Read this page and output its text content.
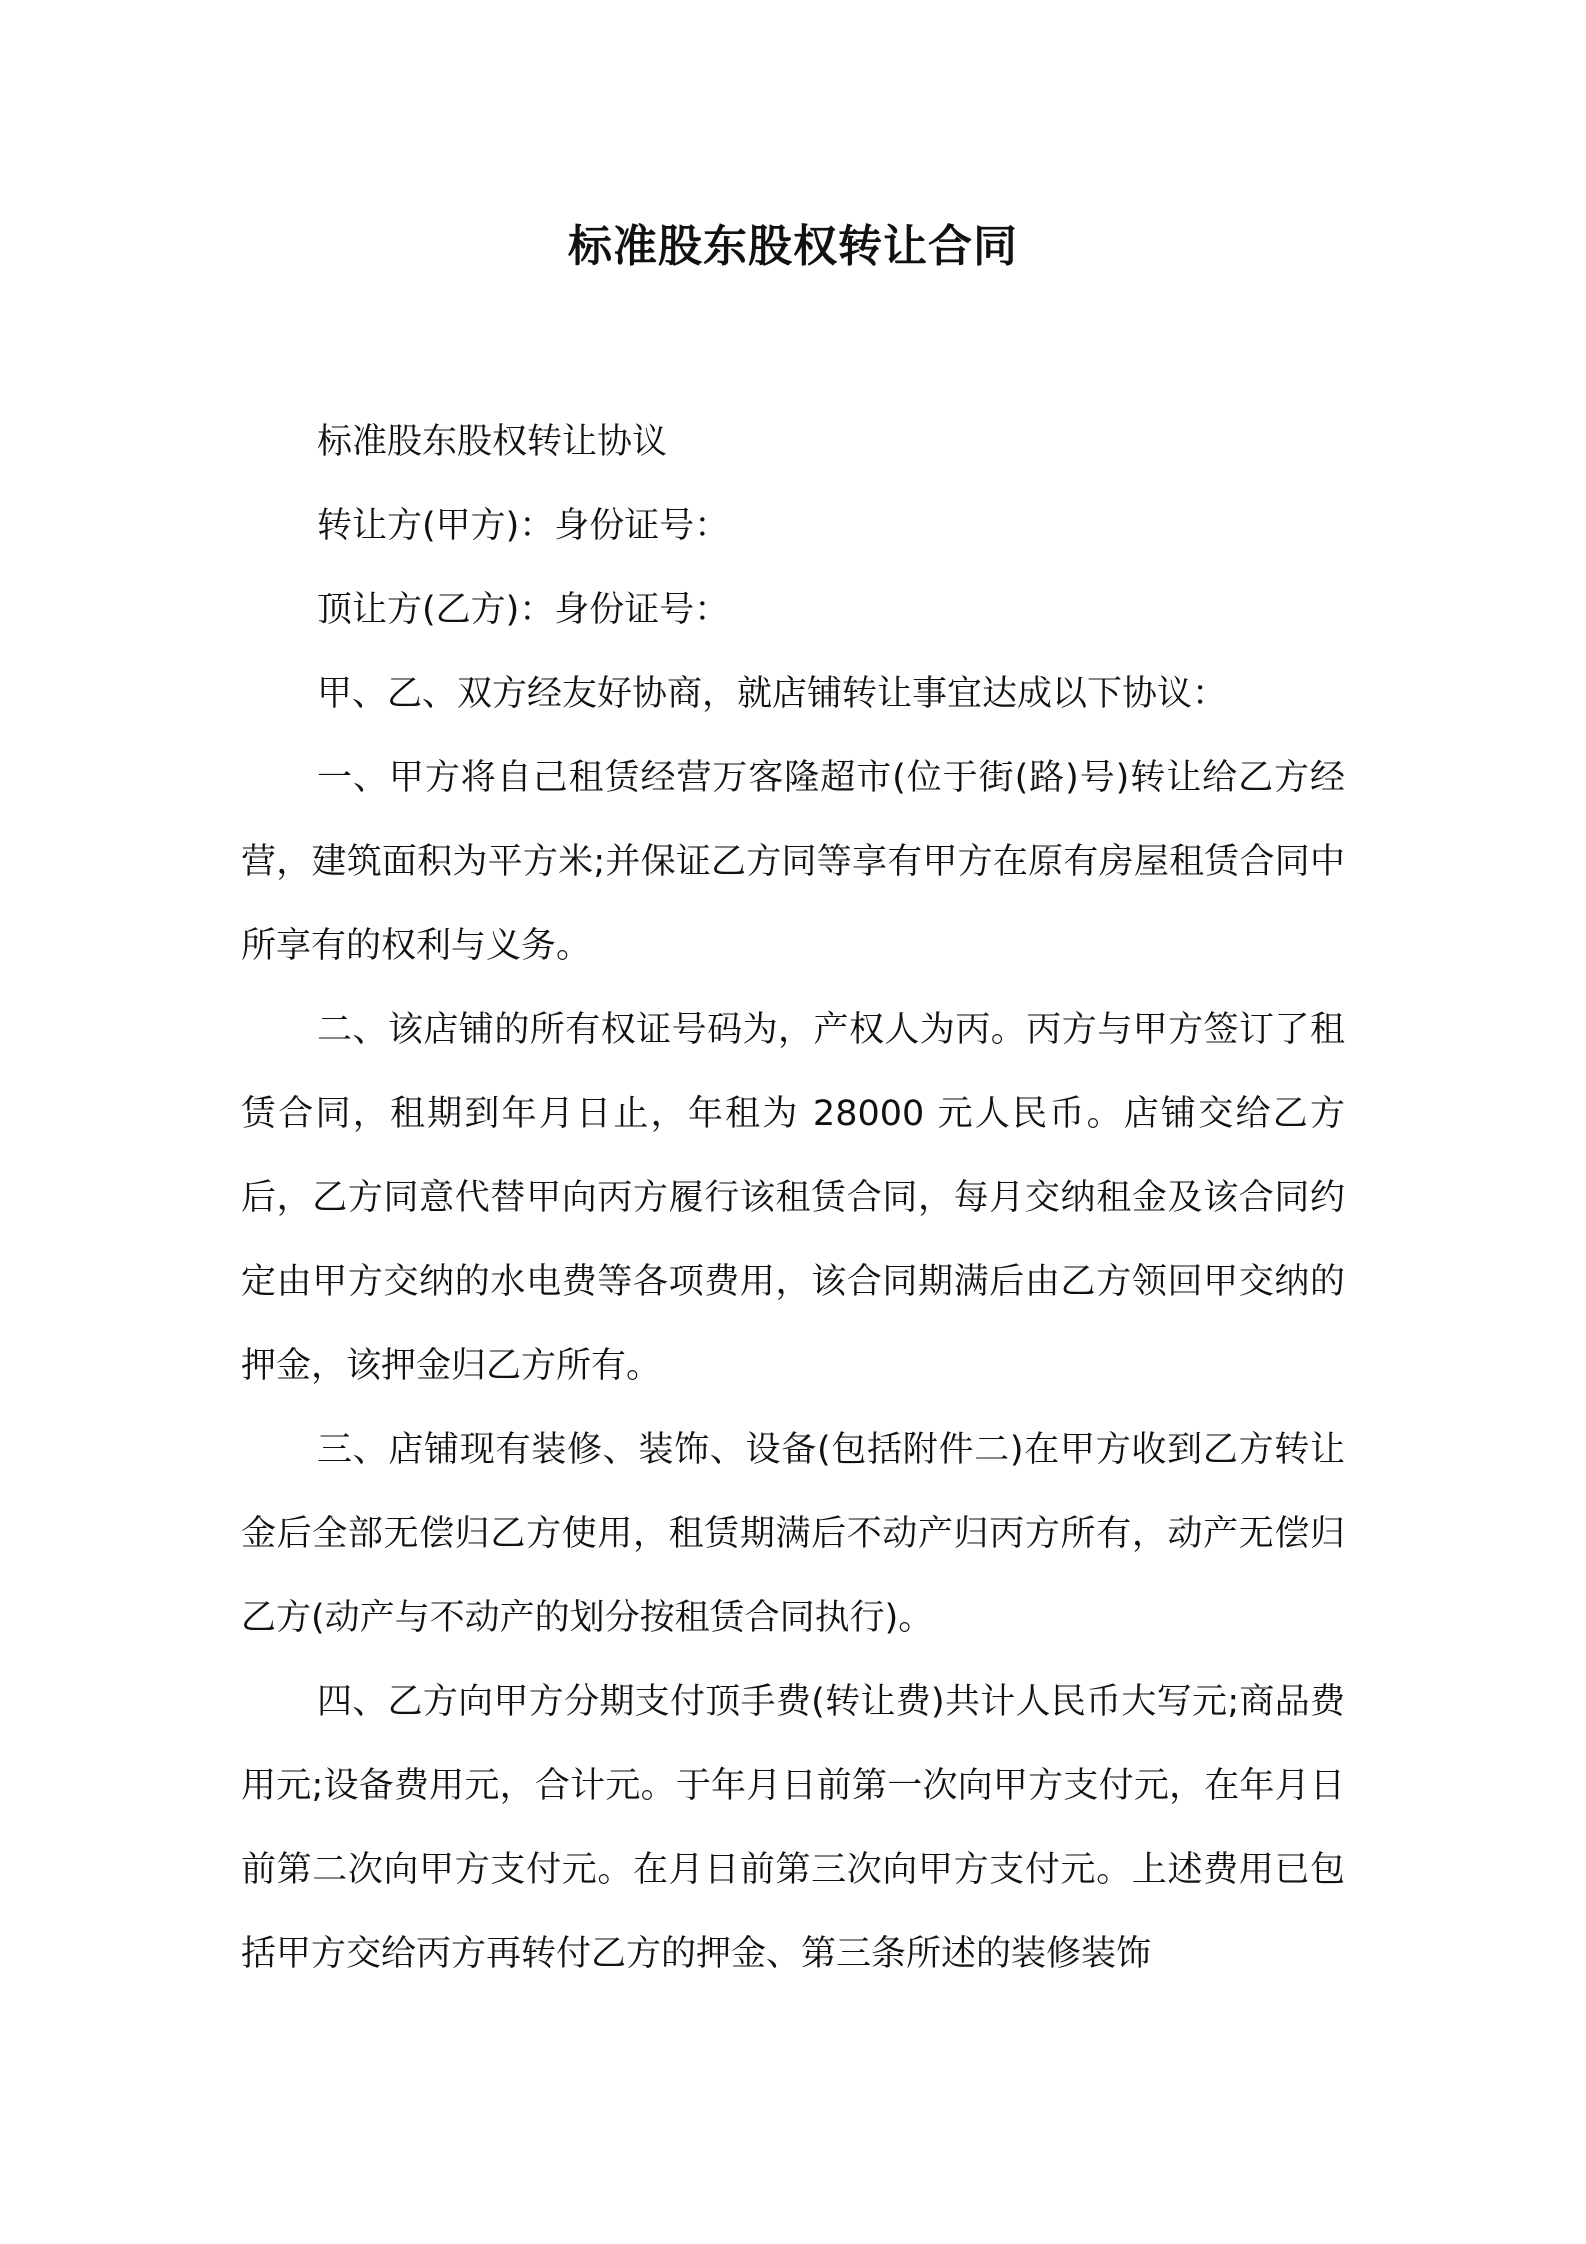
标准股东股权转让合同

标准股东股权转让协议

转让方(甲方)：身份证号：

顶让方(乙方)：身份证号：

甲、乙、双方经友好协商，就店铺转让事宜达成以下协议：

一、甲方将自己租赁经营万客隆超市(位于街(路)号)转让给乙方经营，建筑面积为平方米;并保证乙方同等享有甲方在原有房屋租赁合同中所享有的权利与义务。

二、该店铺的所有权证号码为，产权人为丙。丙方与甲方签订了租赁合同，租期到年月日止，年租为 28000 元人民币。店铺交给乙方后，乙方同意代替甲向丙方履行该租赁合同，每月交纳租金及该合同约定由甲方交纳的水电费等各项费用，该合同期满后由乙方领回甲交纳的押金，该押金归乙方所有。

三、店铺现有装修、装饰、设备(包括附件二)在甲方收到乙方转让金后全部无偿归乙方使用，租赁期满后不动产归丙方所有，动产无偿归乙方(动产与不动产的划分按租赁合同执行)。

四、乙方向甲方分期支付顶手费(转让费)共计人民币大写元;商品费用元;设备费用元，合计元。于年月日前第一次向甲方支付元，在年月日前第二次向甲方支付元。在月日前第三次向甲方支付元。上述费用已包括甲方交给丙方再转付乙方的押金、第三条所述的装修装饰
